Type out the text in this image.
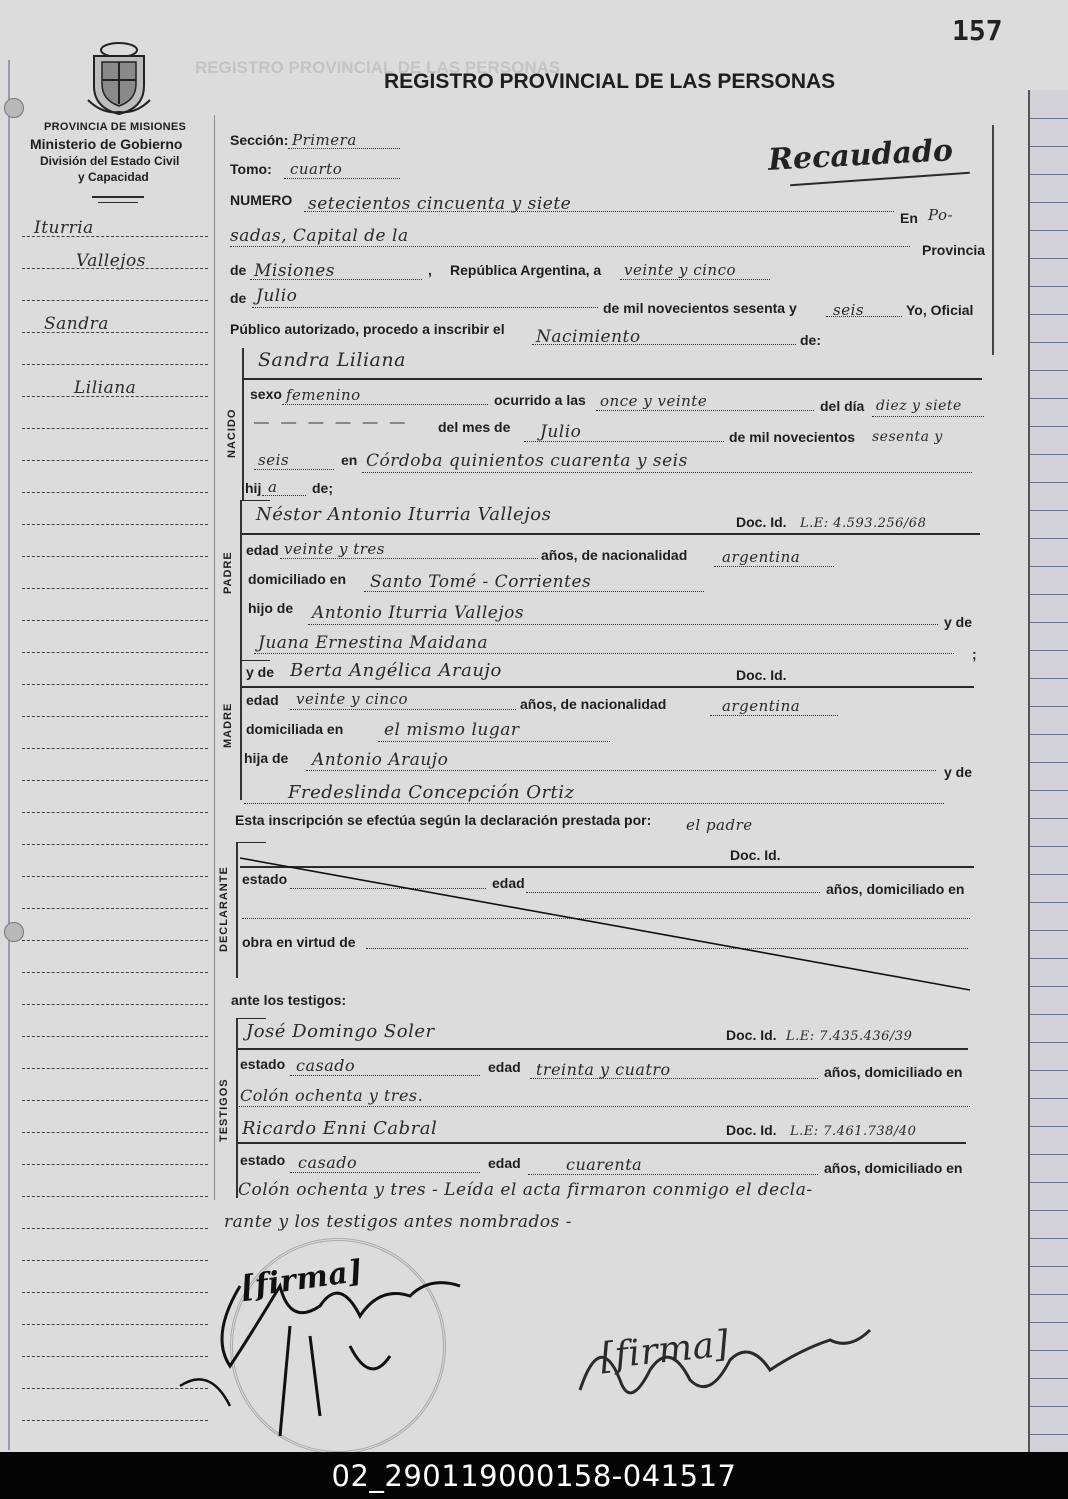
157
REGISTRO PROVINCIAL DE LAS PERSONAS
REGISTRO PROVINCIAL DE LAS PERSONAS
PROVINCIA DE MISIONES
Ministerio de Gobierno
División del Estado Civil
y Capacidad
Iturria
Vallejos
Sandra
Liliana
Recaudado
Sección: Primera
Tomo: cuarto
NUMERO setecientos cincuenta y siete
En Po-
sadas, Capital de la
Provincia
de Misiones	, República Argentina, a veinte y cinco
de Julio
de mil novecientos sesenta y seis	Yo, Oficial
Público autorizado, procedo a inscribir el Nacimiento	de:
NACIDO
Sandra Liliana
sexo femenino	ocurrido a las once y veinte	del día diez y siete
— — — — — — del mes de Julio	de mil novecientos sesenta y
seis	en Córdoba quinientos cuarenta y seis
hij a de;
PADRE
Néstor Antonio Iturria Vallejos	Doc. Id. L.E: 4.593.256/68
edad veinte y tres	años, de nacionalidad argentina
domiciliado en Santo Tomé - Corrientes
hijo de Antonio Iturria Vallejos	y de
Juana Ernestina Maidana
;
MADRE
y de Berta Angélica Araujo	Doc. Id.
edad veinte y cinco	años, de nacionalidad	argentina
domiciliada en el mismo lugar
hija de Antonio Araujo
y de
Fredeslinda Concepción Ortiz
Esta inscripción se efectúa según la declaración prestada por: el padre
DECLARANTE
Doc. Id.
estado	edad	años, domiciliado en
obra en virtud de
ante los testigos:
TESTIGOS
José Domingo Soler	Doc. Id. L.E: 7.435.436/39
estado casado	edad treinta y cuatro	años, domiciliado en
Colón ochenta y tres.
Ricardo Enni Cabral	Doc. Id. L.E: 7.461.738/40
estado casado	edad	cuarenta	años, domiciliado en
Colón ochenta y tres - Leída el acta firmaron conmigo el decla-
rante y los testigos antes nombrados -
[firma]
[firma]
02_290119000158-041517
